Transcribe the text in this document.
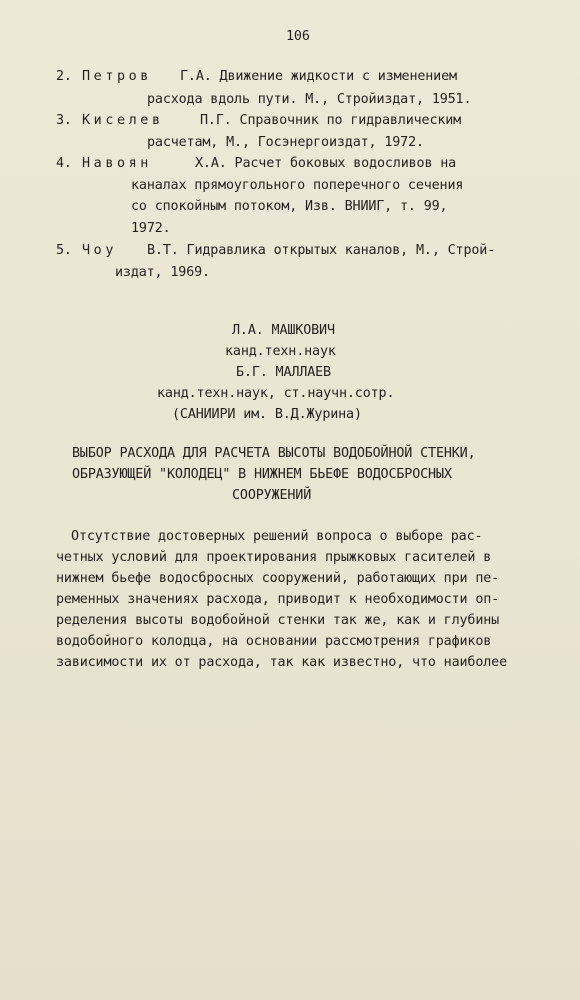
106
2. Петров Г.А. Движение жидкости с изменением
расхода вдоль пути. М., Стройиздат, 1951.
3. Киселев	П.Г. Справочник по гидравлическим
расчетам, М., Госэнергоиздат, 1972.
4. Навоян	Х.А. Расчет боковых водосливов на
каналах прямоугольного поперечного сечения
со спокойным потоком, Изв. ВНИИГ, т. 99,
1972.
5. Чоу В.Т. Гидравлика открытых каналов, М., Строй-
издат, 1969.
Л.А. МАШКОВИЧ
канд.техн.наук
Б.Г. МАЛЛАЕВ
канд.техн.наук, ст.научн.сотр.
(САНИИРИ им. В.Д.Журина)
ВЫБОР РАСХОДА ДЛЯ РАСЧЕТА ВЫСОТЫ ВОДОБОЙНОЙ СТЕНКИ,
ОБРАЗУЮЩЕЙ "КОЛОДЕЦ" В НИЖНЕМ БЬЕФЕ ВОДОСБРОСНЫХ
СООРУЖЕНИЙ
Отсутствие достоверных решений вопроса о выборе рас-
четных условий для проектирования прыжковых гасителей в
нижнем бьефе водосбросных сооружений, работающих при пе-
ременных значениях расхода, приводит к необходимости оп-
ределения высоты водобойной стенки так же, как и глубины
водобойного колодца, на основании рассмотрения графиков
зависимости их от расхода, так как известно, что наиболее
